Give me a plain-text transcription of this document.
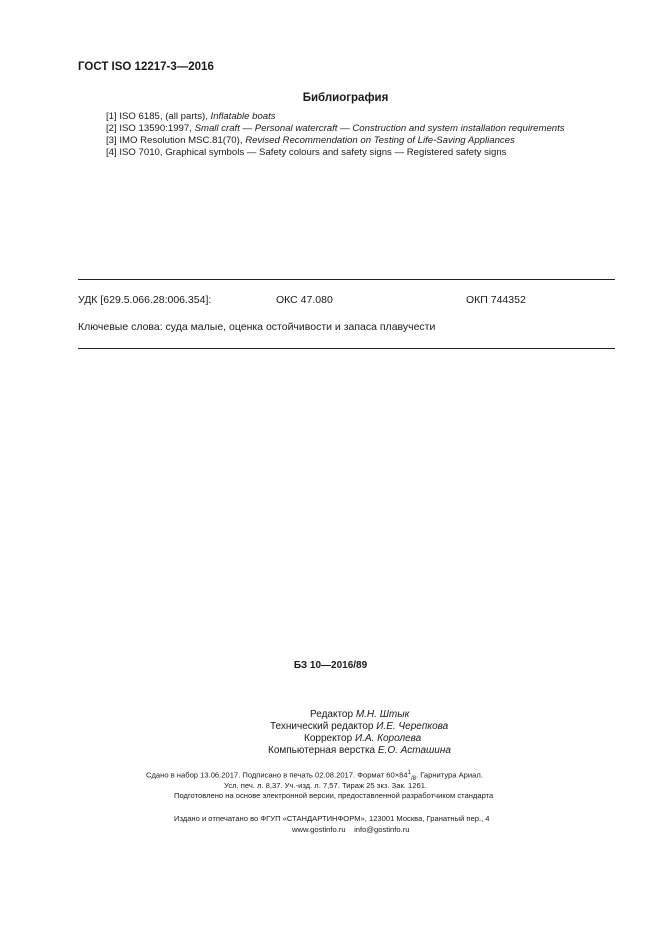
ГОСТ ISO 12217-3—2016
Библиография
[1] ISO 6185, (all parts), Inflatable boats
[2] ISO 13590:1997, Small craft — Personal watercraft — Construction and system installation requirements
[3] IMO Resolution MSC.81(70), Revised Recommendation on Testing of Life-Saving Appliances
[4] ISO 7010, Graphical symbols — Safety colours and safety signs — Registered safety signs
УДК [629.5.066.28:006.354]:	ОКС 47.080	ОКП 744352
Ключевые слова: суда малые, оценка остойчивости и запаса плавучести
БЗ 10—2016/89
Редактор М.Н. Штык
Технический редактор И.Е. Черепкова
Корректор И.А. Королева
Компьютерная верстка Е.О. Асташина
Сдано в набор 13.06.2017. Подписано в печать 02.08.2017. Формат $60\times 84^1_{/8}$. Гарнитура Ариал.
Усл. печ. л. 8,37. Уч.-изд. л. 7,57. Тираж 25 экз. Зак. 1261.
Подготовлено на основе электронной версии, предоставленной разработчиком стандарта
Издано и отпечатано во ФГУП «СТАНДАРТИНФОРМ», 123001 Москва, Гранатный пер., 4
www.gostinfo.ru info@gostinfo.ru
